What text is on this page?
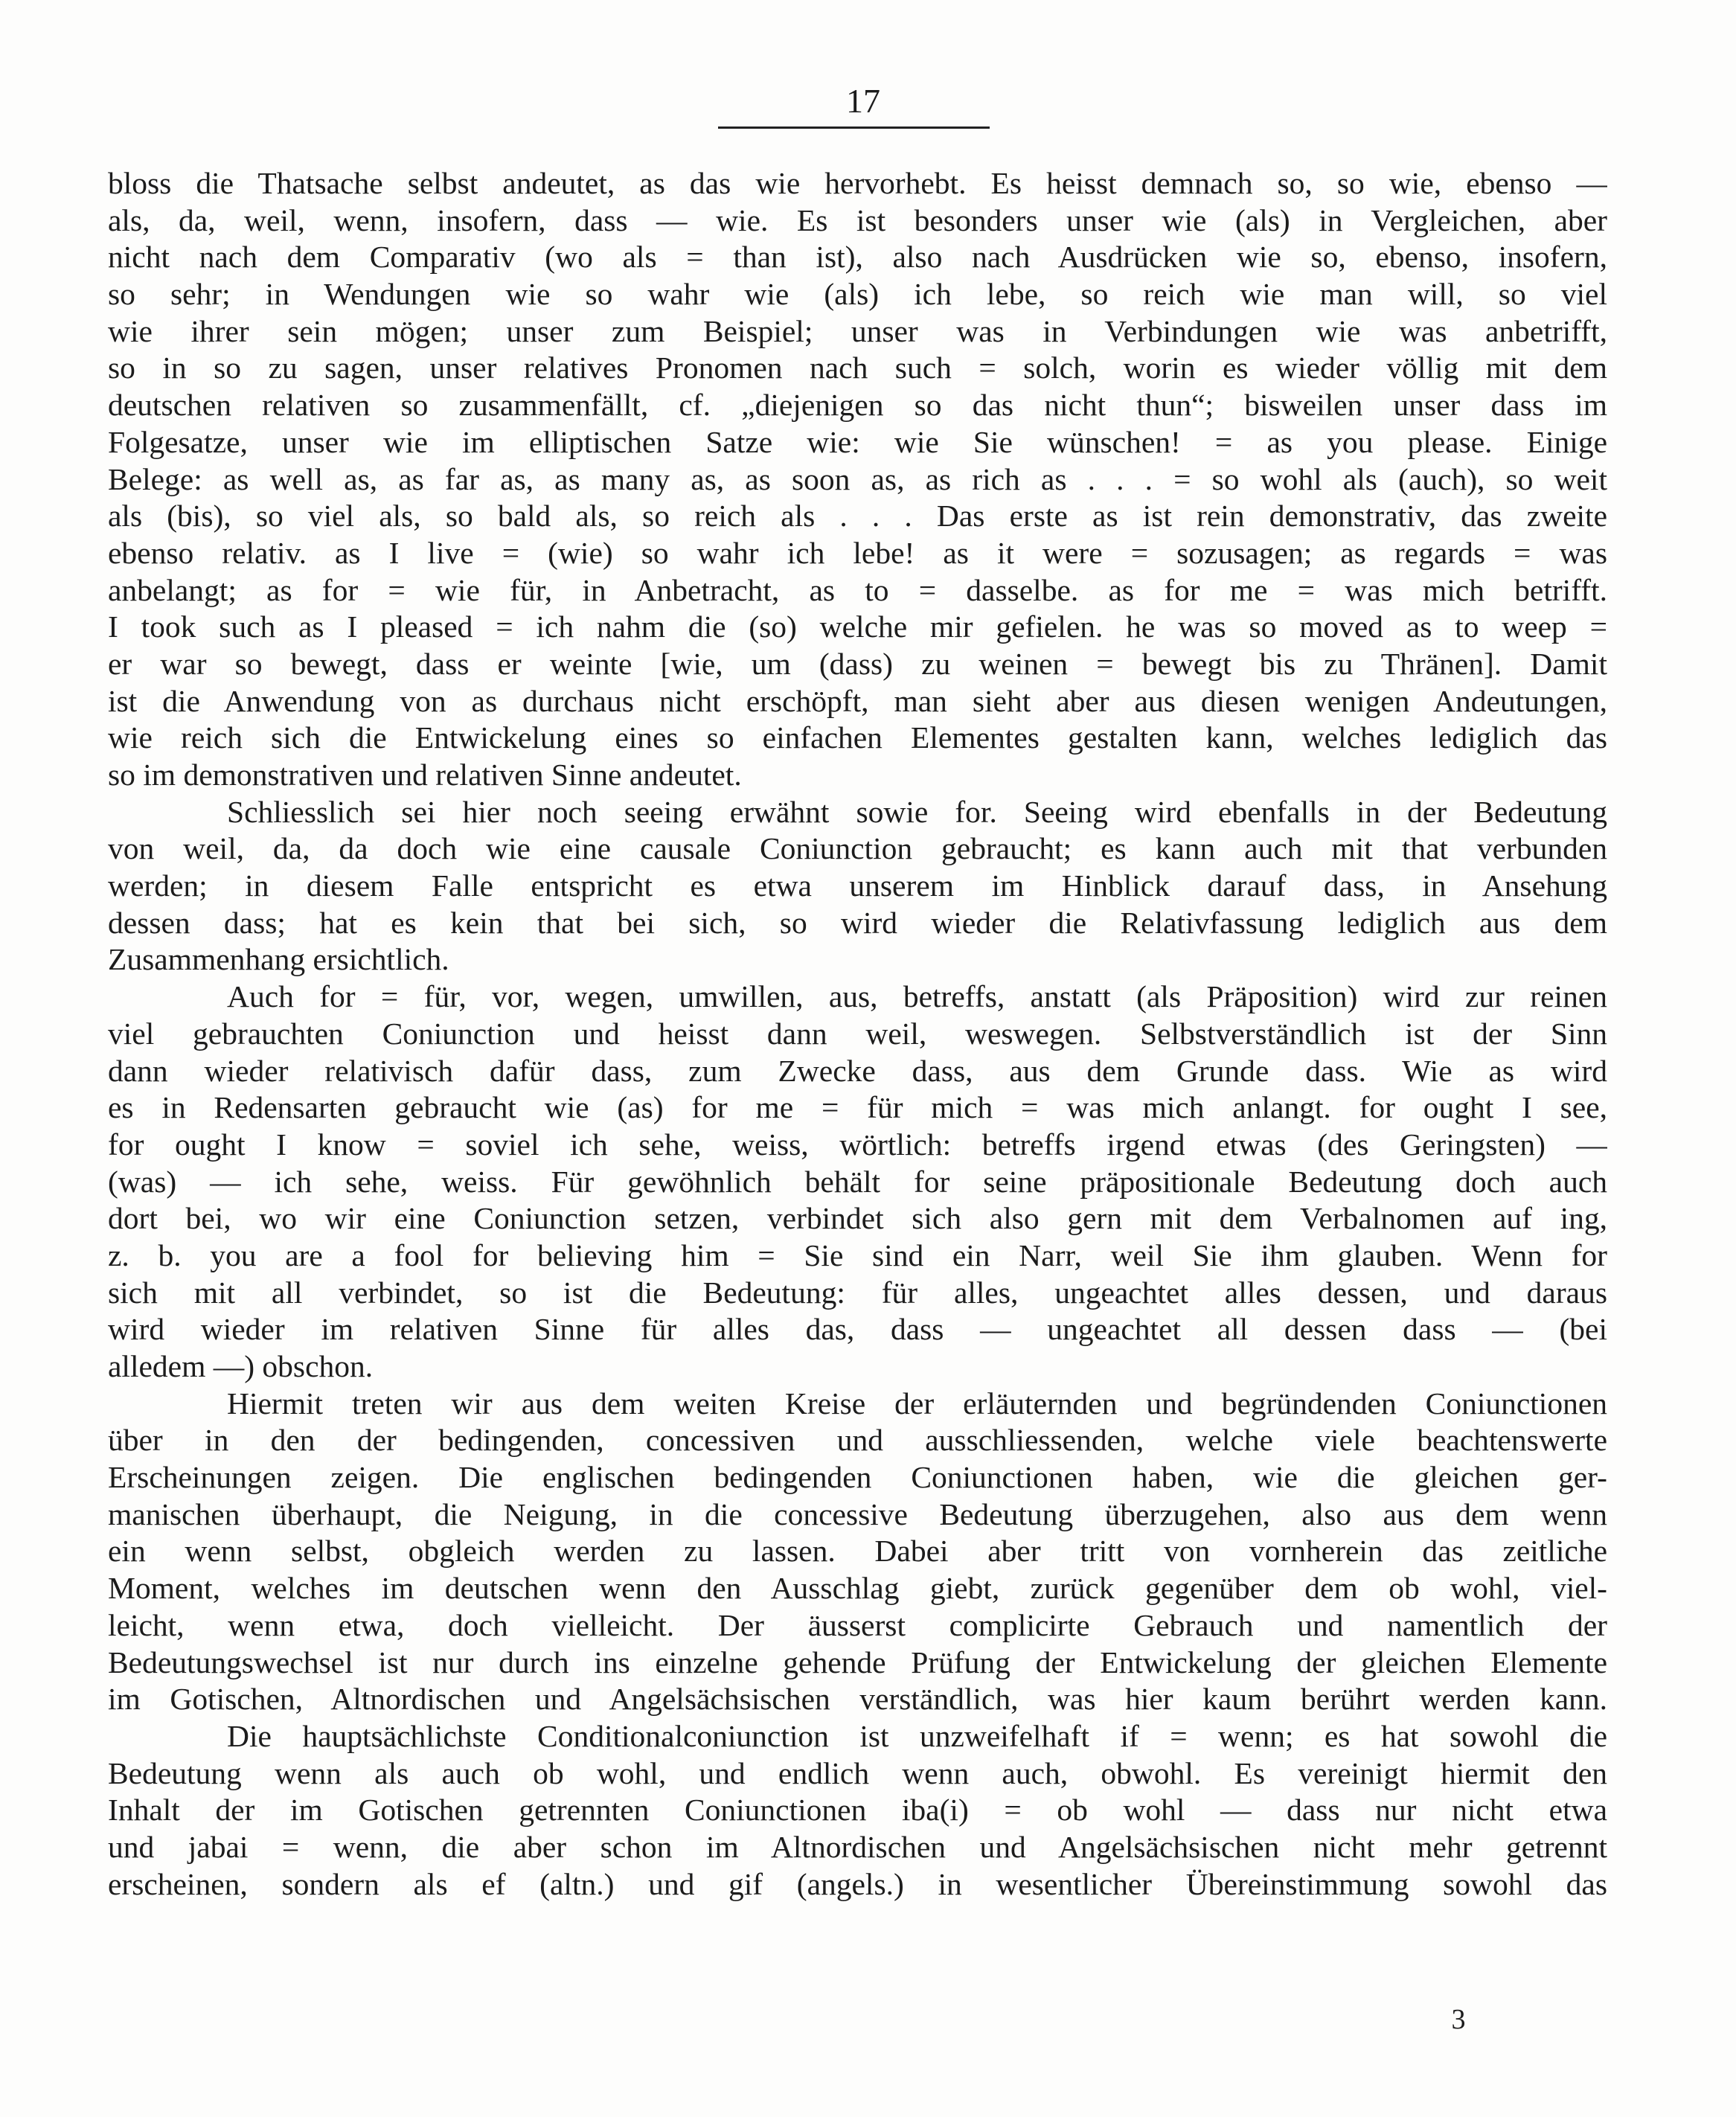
17
bloss die Thatsache selbst andeutet, as das wie hervorhebt. Es heisst demnach so, so wie, ebenso —
als, da, weil, wenn, insofern, dass — wie. Es ist besonders unser wie (als) in Vergleichen, aber
nicht nach dem Comparativ (wo als = than ist), also nach Ausdrücken wie so, ebenso, insofern,
so sehr; in Wendungen wie so wahr wie (als) ich lebe, so reich wie man will, so viel
wie ihrer sein mögen; unser zum Beispiel; unser was in Verbindungen wie was anbetrifft,
so in so zu sagen, unser relatives Pronomen nach such = solch, worin es wieder völlig mit dem
deutschen relativen so zusammenfällt, cf. „diejenigen so das nicht thun“; bisweilen unser dass im
Folgesatze, unser wie im elliptischen Satze wie: wie Sie wünschen! = as you please. Einige
Belege: as well as, as far as, as many as, as soon as, as rich as . . . = so wohl als (auch), so weit
als (bis), so viel als, so bald als, so reich als . . . Das erste as ist rein demonstrativ, das zweite
ebenso relativ. as I live = (wie) so wahr ich lebe! as it were = sozusagen; as regards = was
anbelangt; as for = wie für, in Anbetracht, as to = dasselbe. as for me = was mich betrifft.
I took such as I pleased = ich nahm die (so) welche mir gefielen. he was so moved as to weep =
er war so bewegt, dass er weinte [wie, um (dass) zu weinen = bewegt bis zu Thränen]. Damit
ist die Anwendung von as durchaus nicht erschöpft, man sieht aber aus diesen wenigen Andeutungen,
wie reich sich die Entwickelung eines so einfachen Elementes gestalten kann, welches lediglich das
so im demonstrativen und relativen Sinne andeutet.
Schliesslich sei hier noch seeing erwähnt sowie for. Seeing wird ebenfalls in der Bedeutung
von weil, da, da doch wie eine causale Coniunction gebraucht; es kann auch mit that verbunden
werden; in diesem Falle entspricht es etwa unserem im Hinblick darauf dass, in Ansehung
dessen dass; hat es kein that bei sich, so wird wieder die Relativfassung lediglich aus dem
Zusammenhang ersichtlich.
Auch for = für, vor, wegen, umwillen, aus, betreffs, anstatt (als Präposition) wird zur reinen
viel gebrauchten Coniunction und heisst dann weil, weswegen. Selbstverständlich ist der Sinn
dann wieder relativisch dafür dass, zum Zwecke dass, aus dem Grunde dass. Wie as wird
es in Redensarten gebraucht wie (as) for me = für mich = was mich anlangt. for ought I see,
for ought I know = soviel ich sehe, weiss, wörtlich: betreffs irgend etwas (des Geringsten) —
(was) — ich sehe, weiss. Für gewöhnlich behält for seine präpositionale Bedeutung doch auch
dort bei, wo wir eine Coniunction setzen, verbindet sich also gern mit dem Verbalnomen auf ing,
z. b. you are a fool for believing him = Sie sind ein Narr, weil Sie ihm glauben. Wenn for
sich mit all verbindet, so ist die Bedeutung: für alles, ungeachtet alles dessen, und daraus
wird wieder im relativen Sinne für alles das, dass — ungeachtet all dessen dass — (bei
alledem —) obschon.
Hiermit treten wir aus dem weiten Kreise der erläuternden und begründenden Coniunctionen
über in den der bedingenden, concessiven und ausschliessenden, welche viele beachtenswerte
Erscheinungen zeigen. Die englischen bedingenden Coniunctionen haben, wie die gleichen ger-
manischen überhaupt, die Neigung, in die concessive Bedeutung überzugehen, also aus dem wenn
ein wenn selbst, obgleich werden zu lassen. Dabei aber tritt von vornherein das zeitliche
Moment, welches im deutschen wenn den Ausschlag giebt, zurück gegenüber dem ob wohl, viel-
leicht, wenn etwa, doch vielleicht. Der äusserst complicirte Gebrauch und namentlich der
Bedeutungswechsel ist nur durch ins einzelne gehende Prüfung der Entwickelung der gleichen Elemente
im Gotischen, Altnordischen und Angelsächsischen verständlich, was hier kaum berührt werden kann.
Die hauptsächlichste Conditionalconiunction ist unzweifelhaft if = wenn; es hat sowohl die
Bedeutung wenn als auch ob wohl, und endlich wenn auch, obwohl. Es vereinigt hiermit den
Inhalt der im Gotischen getrennten Coniunctionen iba(i) = ob wohl — dass nur nicht etwa
und jabai = wenn, die aber schon im Altnordischen und Angelsächsischen nicht mehr getrennt
erscheinen, sondern als ef (altn.) und gif (angels.) in wesentlicher Übereinstimmung sowohl das
3
